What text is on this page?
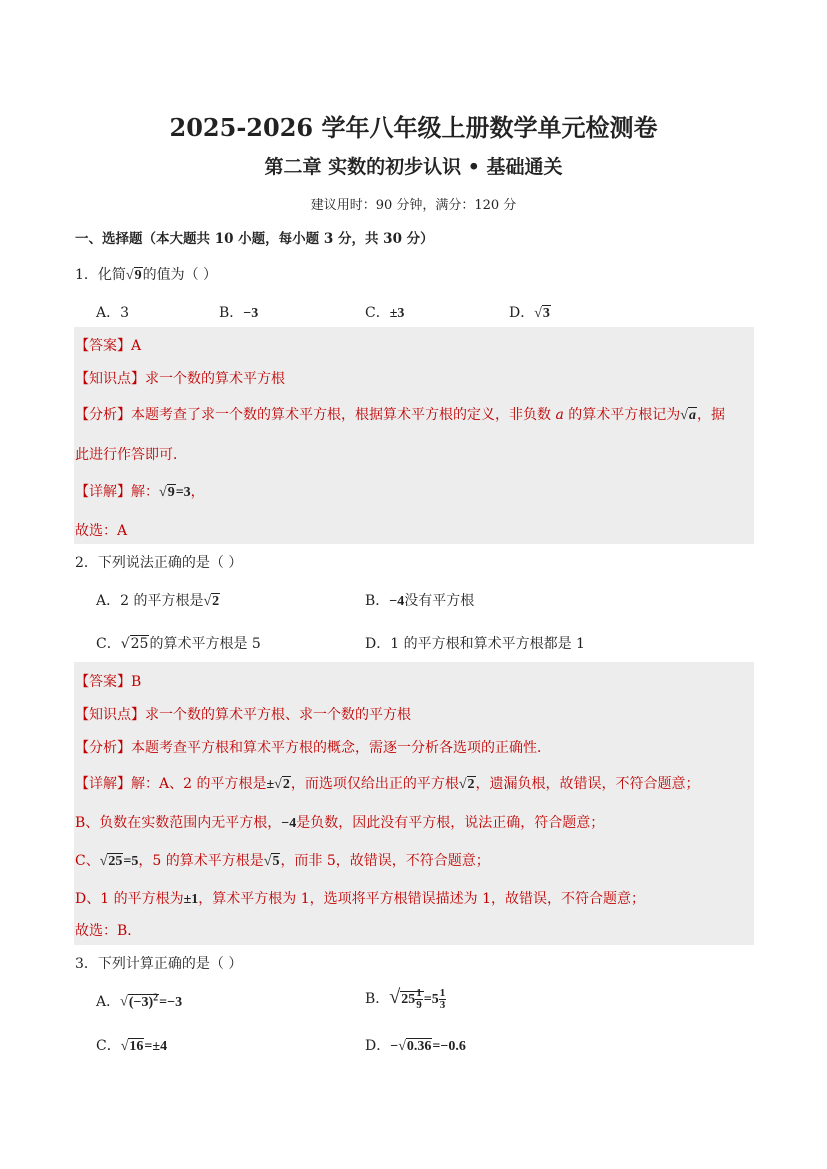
2025-2026 学年八年级上册数学单元检测卷
第二章 实数的初步认识 • 基础通关
建议用时：90 分钟，满分：120 分
一、选择题（本大题共 10 小题，每小题 3 分，共 30 分）
1．化简√9的值为（ ）
A．3	B．−3	C．±3	D．√3
【答案】A
【知识点】求一个数的算术平方根
【分析】本题考查了求一个数的算术平方根，根据算术平方根的定义，非负数 a 的算术平方根记为√a，据
此进行作答即可．
【详解】解：√9=3，
故选：A
2．下列说法正确的是（ ）
A．2 的平方根是√2	B．−4没有平方根
C．√25的算术平方根是 5	D．1 的平方根和算术平方根都是 1
【答案】B
【知识点】求一个数的算术平方根、求一个数的平方根
【分析】本题考查平方根和算术平方根的概念，需逐一分析各选项的正确性．
【详解】解：A、2 的平方根是±√2，而选项仅给出正的平方根√2，遗漏负根，故错误，不符合题意；
B、负数在实数范围内无平方根，−4是负数，因此没有平方根，说法正确，符合题意；
C、√25=5，5 的算术平方根是√5，而非 5，故错误，不符合题意；
D、1 的平方根为±1，算术平方根为 1，选项将平方根错误描述为 1，故错误，不符合题意；
故选：B．
3．下列计算正确的是（ ）
A．$√(-3)^2=-3$	B．$√25 \frac{1}{9} =5 \frac{1}{3}$
C．√16=±4	D．−√0.36=−0.6
